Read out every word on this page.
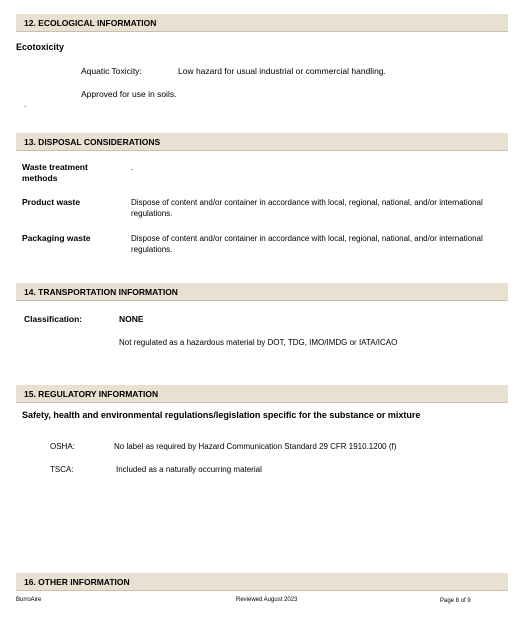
12. ECOLOGICAL INFORMATION
Ecotoxicity
Aquatic Toxicity:	Low hazard for usual industrial or commercial handling.
Approved for use in soils.
.
13. DISPOSAL CONSIDERATIONS
Waste treatment methods
.
Product waste	Dispose of content and/or container in accordance with local, regional, national, and/or international regulations.
Packaging waste	Dispose of content and/or container in accordance with local, regional, national, and/or international regulations.
14. TRANSPORTATION INFORMATION
Classification:	NONE
Not regulated as a hazardous material by DOT, TDG, IMO/IMDG or IATA/ICAO
15. REGULATORY INFORMATION
Safety, health and environmental regulations/legislation specific for the substance or mixture
OSHA:	No label as required by Hazard Communication Standard 29 CFR 1910.1200 (f)
TSCA:	Included as a naturally occurring material
16. OTHER INFORMATION
BurroAire	Reviewed August 2023	Page 8 of 9
